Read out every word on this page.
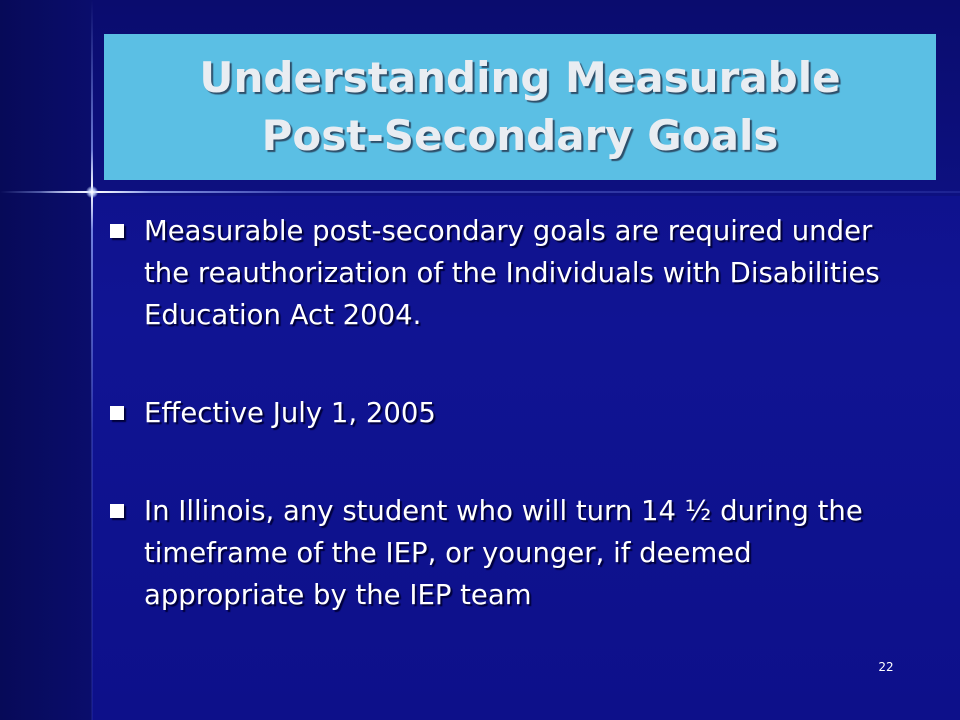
Understanding Measurable
Post-Secondary Goals
Measurable post-secondary goals are required under the reauthorization of the Individuals with Disabilities Education Act 2004.
Effective July 1, 2005
In Illinois, any student who will turn 14 ½ during the timeframe of the IEP, or younger, if deemed appropriate by the IEP team
22
